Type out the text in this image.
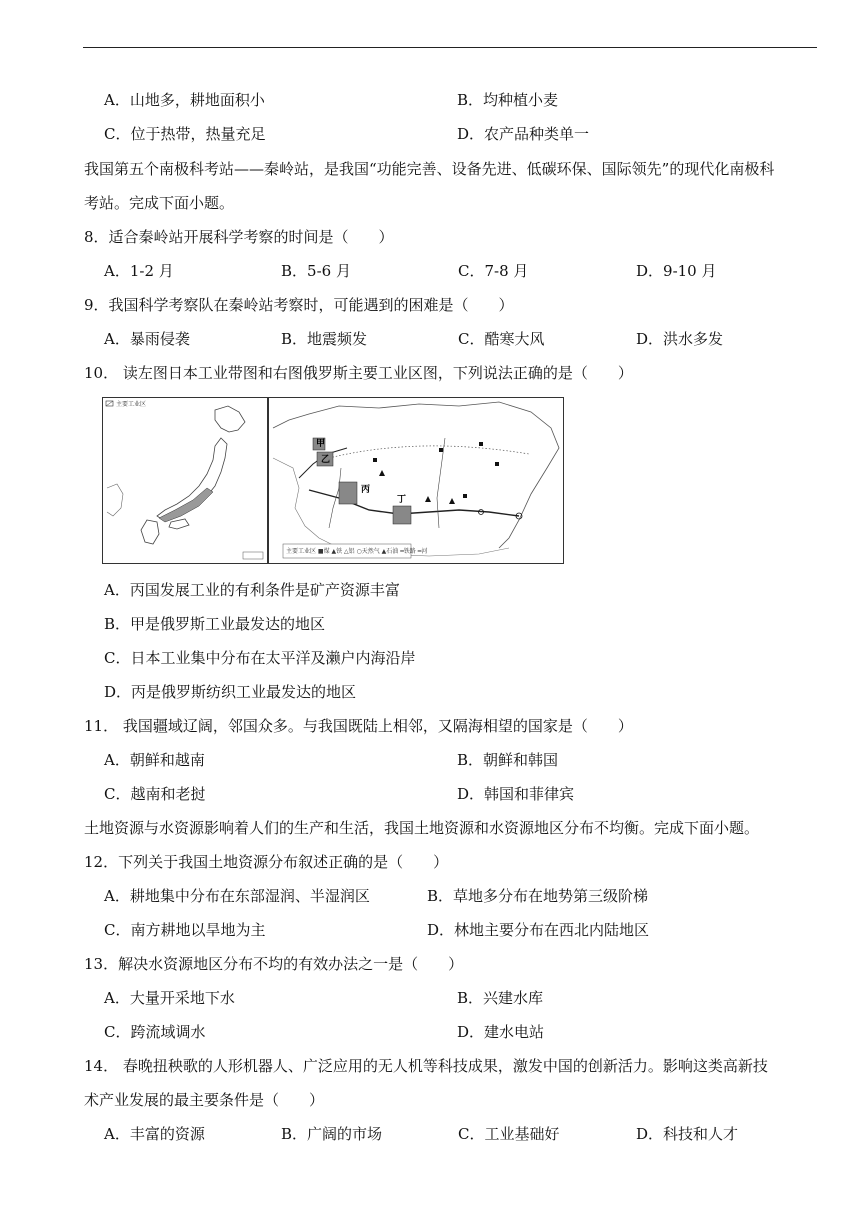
A．山地多，耕地面积小	B．均种植小麦
C．位于热带，热量充足	D．农产品种类单一
我国第五个南极科考站——秦岭站，是我国“功能完善、设备先进、低碳环保、国际领先”的现代化南极科
考站。完成下面小题。
8．适合秦岭站开展科学考察的时间是（　　）
A．1-2 月	B．5-6 月	C．7-8 月	D．9-10 月
9．我国科学考察队在秦岭站考察时，可能遇到的困难是（　　）
A．暴雨侵袭	B．地震频发	C．酷寒大风	D．洪水多发
10． 读左图日本工业带图和右图俄罗斯主要工业区图，下列说法正确的是（　　）
主要工业区
甲
乙
丙
丁
主要工业区 ■煤 ▲铁 △铝 ○天然气 ▲石油 ━铁路 ━河
A．丙国发展工业的有利条件是矿产资源丰富
B．甲是俄罗斯工业最发达的地区
C．日本工业集中分布在太平洋及濑户内海沿岸
D．丙是俄罗斯纺织工业最发达的地区
11． 我国疆域辽阔，邻国众多。与我国既陆上相邻，又隔海相望的国家是（　　）
A．朝鲜和越南	B．朝鲜和韩国
C．越南和老挝	D．韩国和菲律宾
土地资源与水资源影响着人们的生产和生活，我国土地资源和水资源地区分布不均衡。完成下面小题。
12．下列关于我国土地资源分布叙述正确的是（　　）
A．耕地集中分布在东部湿润、半湿润区	B．草地多分布在地势第三级阶梯
C．南方耕地以旱地为主	D．林地主要分布在西北内陆地区
13．解决水资源地区分布不均的有效办法之一是（　　）
A．大量开采地下水	B．兴建水库
C．跨流域调水	D．建水电站
14． 春晚扭秧歌的人形机器人、广泛应用的无人机等科技成果，激发中国的创新活力。影响这类高新技
术产业发展的最主要条件是（　　）
A．丰富的资源	B．广阔的市场	C．工业基础好	D．科技和人才
